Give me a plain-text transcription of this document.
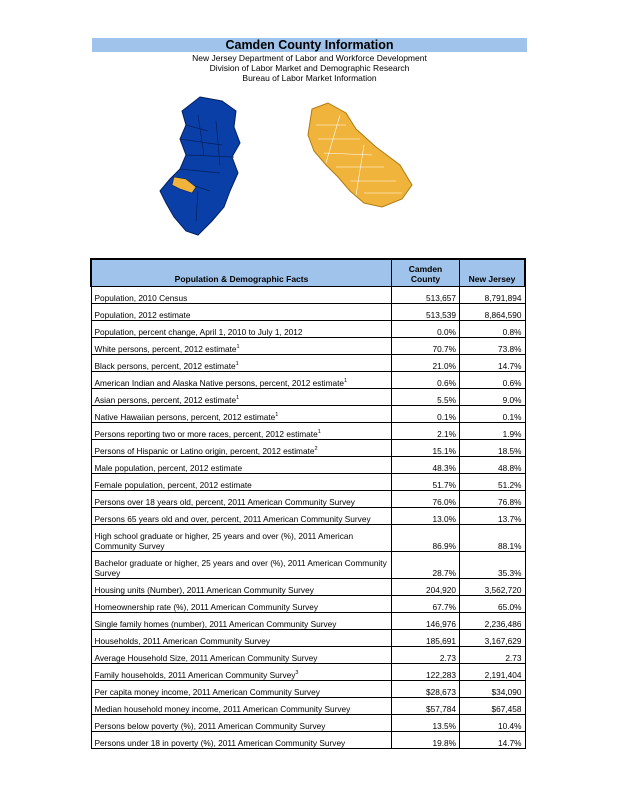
Camden County Information
New Jersey Department of Labor and Workforce Development
Division of Labor Market and Demographic Research
Bureau of Labor Market Information
Population & Demographic Facts	Camden County	New Jersey
Population, 2010 Census	513,657	8,791,894
Population, 2012 estimate	513,539	8,864,590
Population, percent change, April 1, 2010 to July 1, 2012	0.0%	0.8%
White persons, percent, 2012 estimate$^1$	70.7%	73.8%
Black persons, percent, 2012 estimate$^1$	21.0%	14.7%
American Indian and Alaska Native persons, percent, 2012 estimate$^1$	0.6%	0.6%
Asian persons, percent, 2012 estimate$^1$	5.5%	9.0%
Native Hawaiian persons, percent, 2012 estimate$^1$	0.1%	0.1%
Persons reporting two or more races, percent, 2012 estimate$^1$	2.1%	1.9%
Persons of Hispanic or Latino origin, percent, 2012 estimate$^2$	15.1%	18.5%
Male population, percent, 2012 estimate	48.3%	48.8%
Female population, percent, 2012 estimate	51.7%	51.2%
Persons over 18 years old, percent, 2011 American Community Survey	76.0%	76.8%
Persons 65 years old and over, percent, 2011 American Community Survey	13.0%	13.7%
High school graduate or higher, 25 years and over (%), 2011 American Community Survey	86.9%	88.1%
Bachelor graduate or higher, 25 years and over (%), 2011 American Community Survey	28.7%	35.3%
Housing units (Number), 2011 American Community Survey	204,920	3,562,720
Homeownership rate (%), 2011 American Community Survey	67.7%	65.0%
Single family homes (number), 2011 American Community Survey	146,976	2,236,486
Households, 2011 American Community Survey	185,691	3,167,629
Average Household Size, 2011 American Community Survey	2.73	2.73
Family households, 2011 American Community Survey$^3$	122,283	2,191,404
Per capita money income, 2011 American Community Survey	$28,673	$34,090
Median household money income, 2011 American Community Survey	$57,784	$67,458
Persons below poverty (%), 2011 American Community Survey	13.5%	10.4%
Persons under 18 in poverty (%), 2011 American Community Survey	19.8%	14.7%
